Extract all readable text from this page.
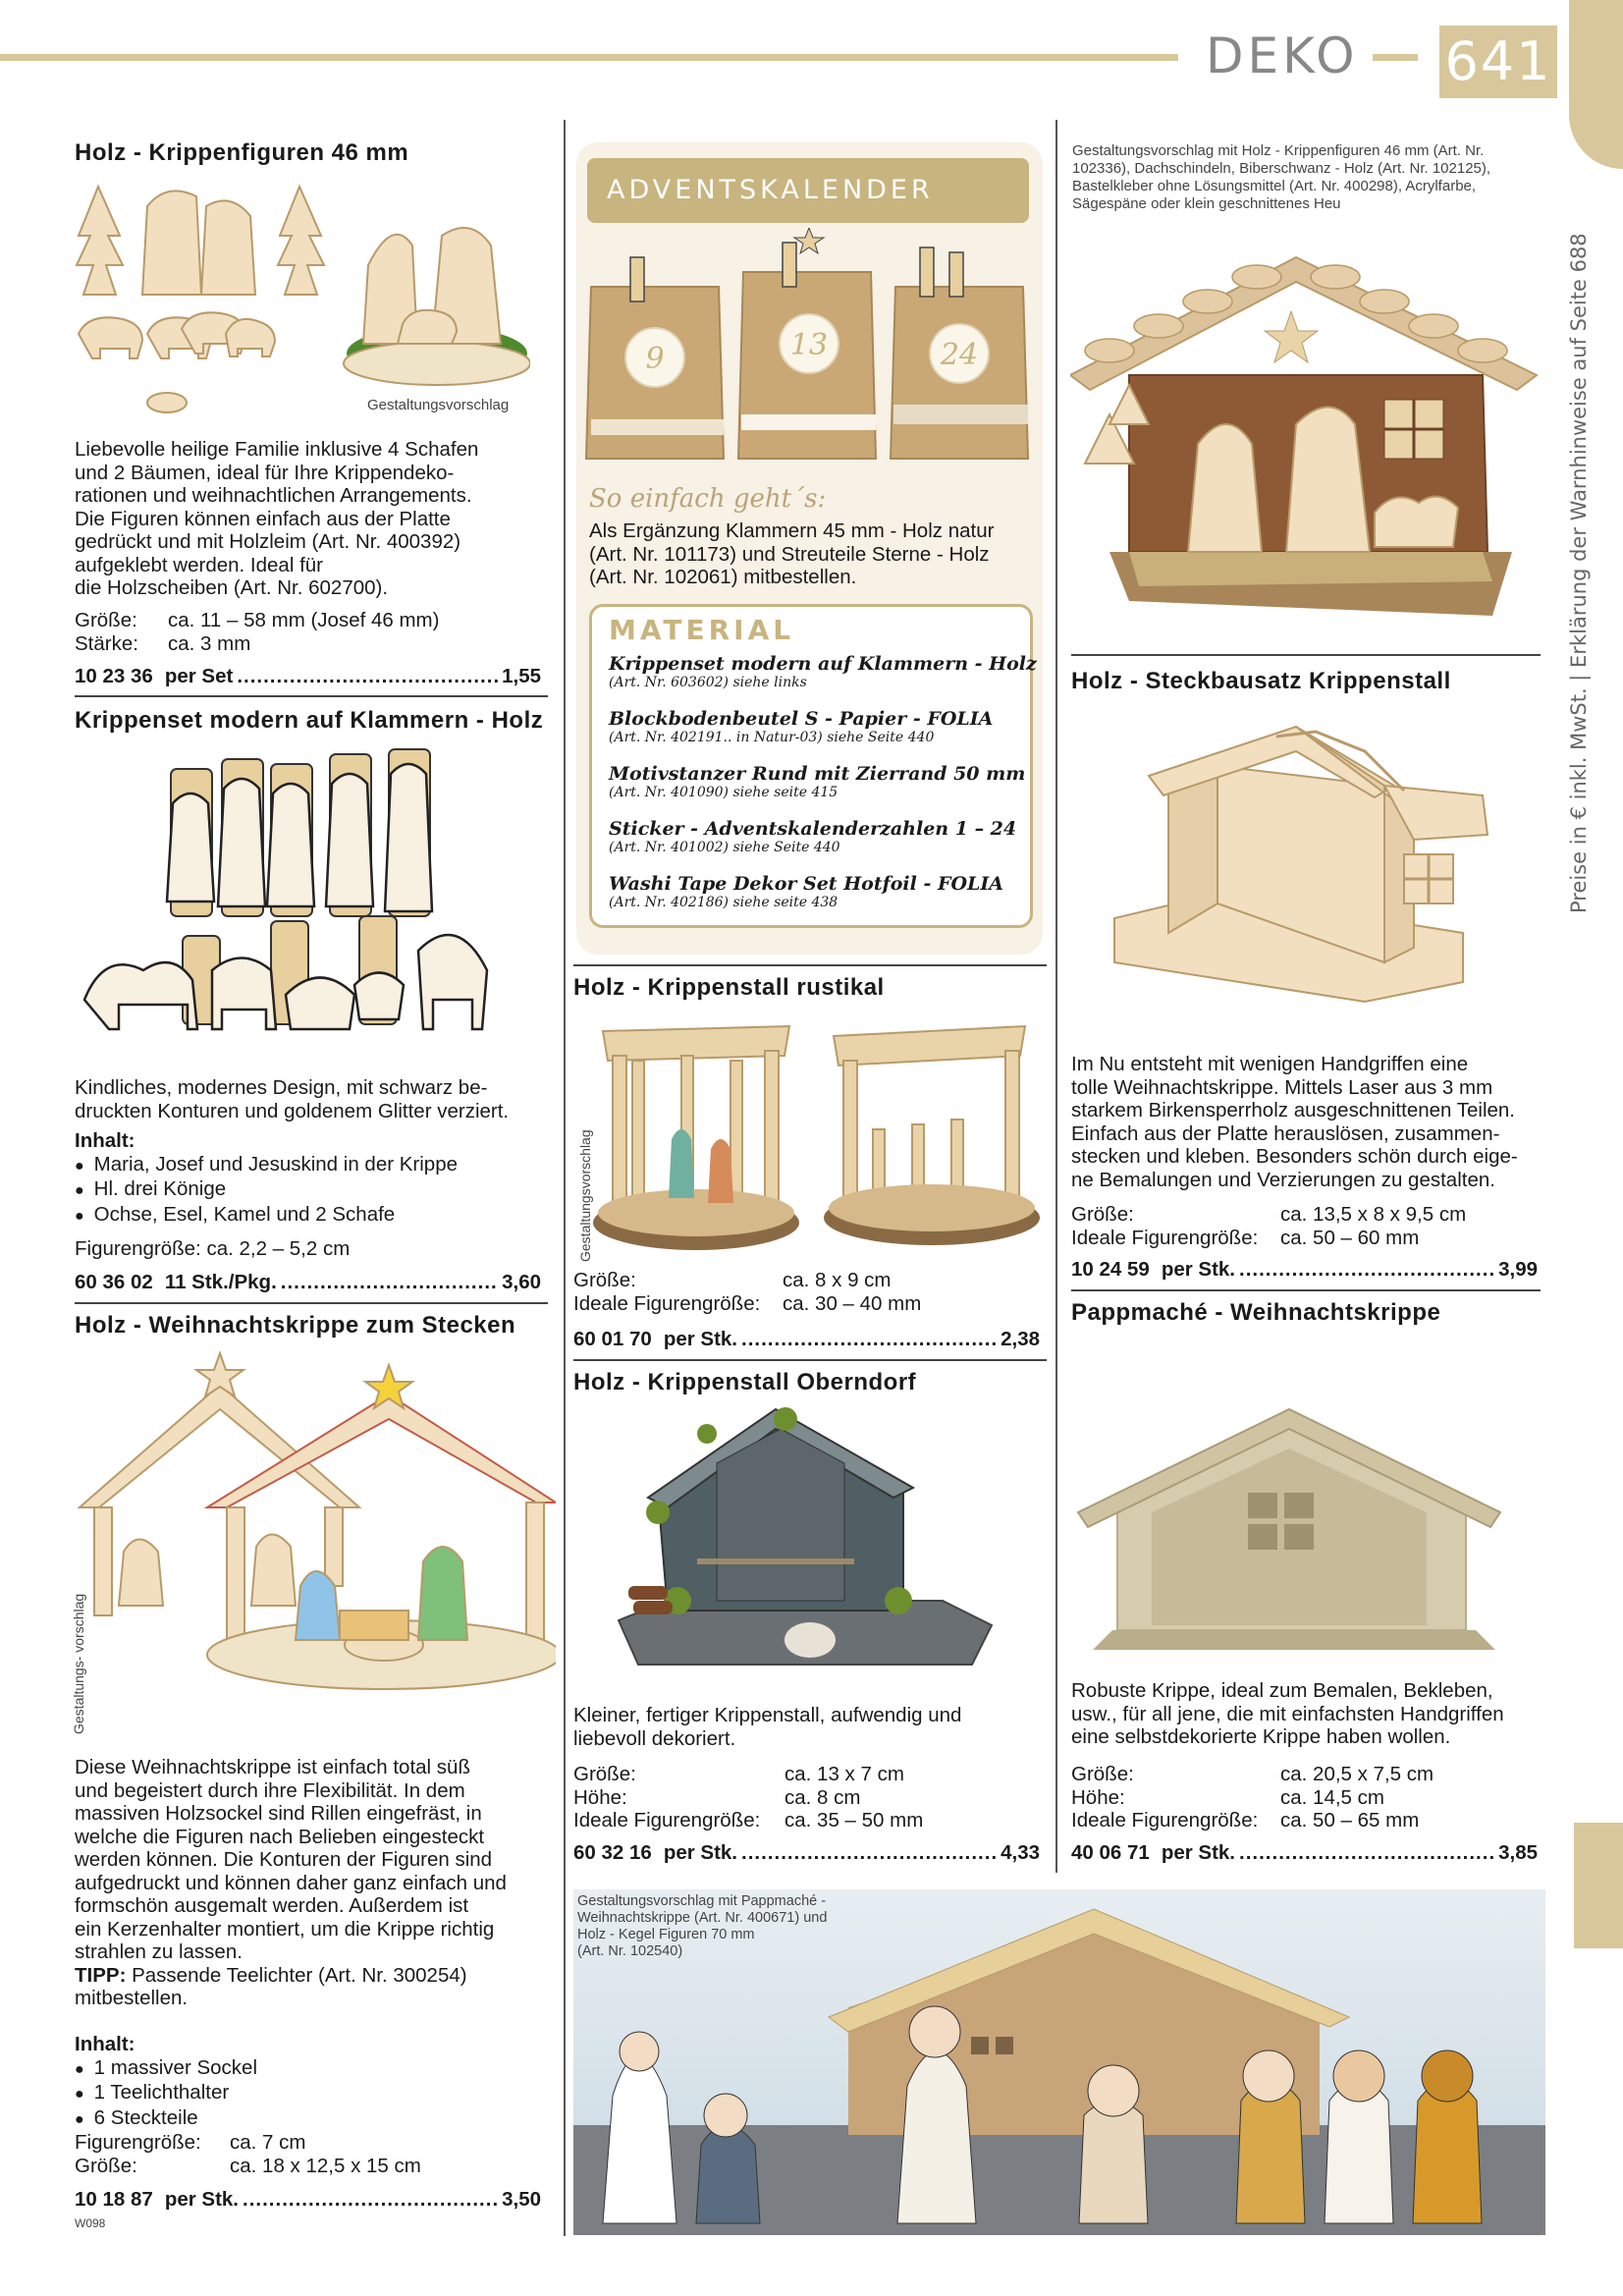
DEKO 641
Preise in € inkl. MwSt. | Erklärung der Warnhinweise auf Seite 688
Holz - Krippenfiguren 46 mm
Gestaltungsvorschlag

Liebevolle heilige Familie inklusive 4 Schafen

und 2 Bäumen, ideal für Ihre Krippendeko-

rationen und weihnachtlichen Arrangements.

Die Figuren können einfach aus der Platte

gedrückt und mit Holzleim (Art. Nr. 400392)

aufgeklebt werden. Ideal für

die Holzscheiben (Art. Nr. 602700).

Größe:	ca. 11 – 58 mm (Josef 46 mm)
Stärke:	ca. 3 mm
10 23 36 per Set .....	1,55
Krippenset modern auf Klammern - Holz

Kindliches, modernes Design, mit schwarz be-

druckten Konturen und goldenem Glitter verziert.

Inhalt:
● Maria, Josef und Jesuskind in der Krippe
● Hl. drei Könige
● Ochse, Esel, Kamel und 2 Schafe
Figurengröße: ca. 2,2 – 5,2 cm
60 36 02 11 Stk./Pkg. .....	3,60
Holz - Weihnachtskrippe zum Stecken
Gestaltungs- vorschlag

Diese Weihnachtskrippe ist einfach total süß

und begeistert durch ihre Flexibilität. In dem

massiven Holzsockel sind Rillen eingefräst, in

welche die Figuren nach Belieben eingesteckt

werden können. Die Konturen der Figuren sind

aufgedruckt und können daher ganz einfach und

formschön ausgemalt werden. Außerdem ist

ein Kerzenhalter montiert, um die Krippe richtig

strahlen zu lassen.

TIPP: Passende Teelichter (Art. Nr. 300254)

mitbestellen.

Inhalt:
● 1 massiver Sockel
● 1 Teelichthalter
● 6 Steckteile
Figurengröße:	ca. 7 cm
Größe:	ca. 18 x 12,5 x 15 cm
10 18 87 per Stk. .....	3,50
W098
ADVENTSKALENDER
9	13	24
So einfach geht´s:

Als Ergänzung Klammern 45 mm - Holz natur

(Art. Nr. 101173) und Streuteile Sterne - Holz

(Art. Nr. 102061) mitbestellen.

MATERIAL
Krippenset modern auf Klammern - Holz
(Art. Nr. 603602) siehe links
Blockbodenbeutel S - Papier - FOLIA
(Art. Nr. 402191.. in Natur-03) siehe Seite 440
Motivstanzer Rund mit Zierrand 50 mm
(Art. Nr. 401090) siehe seite 415
Sticker - Adventskalenderzahlen 1 – 24
(Art. Nr. 401002) siehe Seite 440
Washi Tape Dekor Set Hotfoil - FOLIA
(Art. Nr. 402186) siehe seite 438
Holz - Krippenstall rustikal
Gestaltungsvorschlag
Größe:	ca. 8 x 9 cm
Ideale Figurengröße:	ca. 30 – 40 mm
60 01 70 per Stk. .....	2,38
Holz - Krippenstall Oberndorf

Kleiner, fertiger Krippenstall, aufwendig und

liebevoll dekoriert.

Größe:	ca. 13 x 7 cm
Höhe:	ca. 8 cm
Ideale Figurengröße:	ca. 35 – 50 mm
60 32 16 per Stk. .....	4,33
Gestaltungsvorschlag mit Holz - Krippenfiguren 46 mm (Art. Nr.
102336), Dachschindeln, Biberschwanz - Holz (Art. Nr. 102125),
Bastelkleber ohne Lösungsmittel (Art. Nr. 400298), Acrylfarbe,
Sägespäne oder klein geschnittenes Heu
Holz - Steckbausatz Krippenstall

Im Nu entsteht mit wenigen Handgriffen eine

tolle Weihnachtskrippe. Mittels Laser aus 3 mm

starkem Birkensperrholz ausgeschnittenen Teilen.

Einfach aus der Platte herauslösen, zusammen-

stecken und kleben. Besonders schön durch eige-

ne Bemalungen und Verzierungen zu gestalten.

Größe:	ca. 13,5 x 8 x 9,5 cm
Ideale Figurengröße:	ca. 50 – 60 mm
10 24 59 per Stk. .....	3,99
Pappmaché - Weihnachtskrippe

Robuste Krippe, ideal zum Bemalen, Bekleben,

usw., für all jene, die mit einfachsten Handgriffen

eine selbstdekorierte Krippe haben wollen.

Größe:	ca. 20,5 x 7,5 cm
Höhe:	ca. 14,5 cm
Ideale Figurengröße:	ca. 50 – 65 mm
40 06 71 per Stk. .....	3,85
Gestaltungsvorschlag mit Pappmaché -
Weihnachtskrippe (Art. Nr. 400671) und
Holz - Kegel Figuren 70 mm
(Art. Nr. 102540)
